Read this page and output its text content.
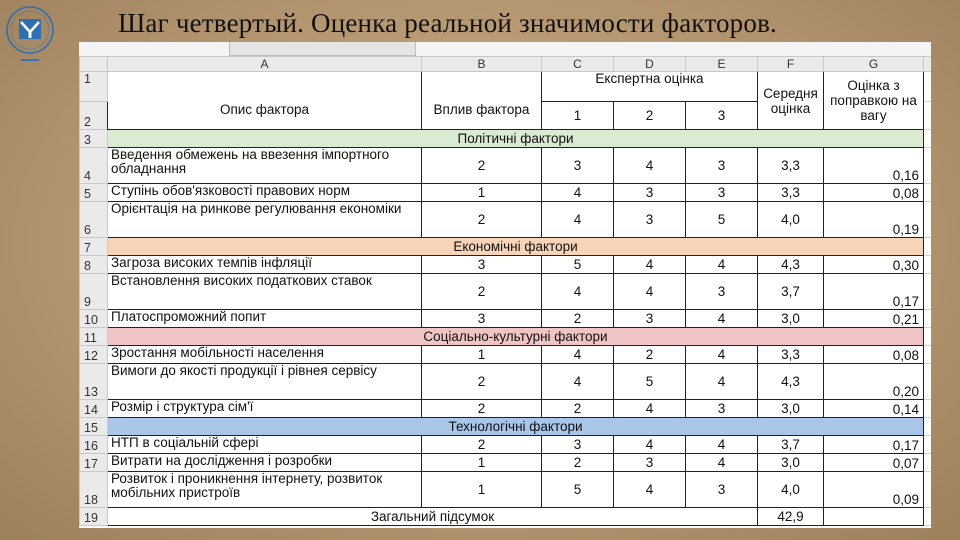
▬▬▬
Шаг четвертый. Оценка реальной значимости факторов.
	A	B	C	D	E	F	G	
1	Опис фактора	Вплив фактора	Експертна оцінка			Середня оцінка	Оцінка з поправкою на вагу	
2			1	2	3			
3	Політичні фактори							
4	Введення обмежень на ввезення імпортного обладнання	2	3	4	3	3,3	0,16	
5	Ступінь обов'язковості правових норм	1	4	3	3	3,3	0,08	
6	Орієнтація на ринкове регулювання економіки	2	4	3	5	4,0	0,19	
7	Економічні фактори							
8	Загроза високих темпів інфляції	3	5	4	4	4,3	0,30	
9	Встановлення високих податкових ставок	2	4	4	3	3,7	0,17	
10	Платоспроможний попит	3	2	3	4	3,0	0,21	
11	Соціально-культурні фактори							
12	Зростання мобільності населення	1	4	2	4	3,3	0,08	
13	Вимоги до якості продукції і рівнея сервісу	2	4	5	4	4,3	0,20	
14	Розмір і структура сім'ї	2	2	4	3	3,0	0,14	
15	Технологічні фактори							
16	НТП в соціальній сфері	2	3	4	4	3,7	0,17	
17	Витрати на дослідження і розробки	1	2	3	4	3,0	0,07	
18	Розвиток і проникнення інтернету, розвиток мобільних пристроїв	1	5	4	3	4,0	0,09	
19	Загальний підсумок					42,9		
